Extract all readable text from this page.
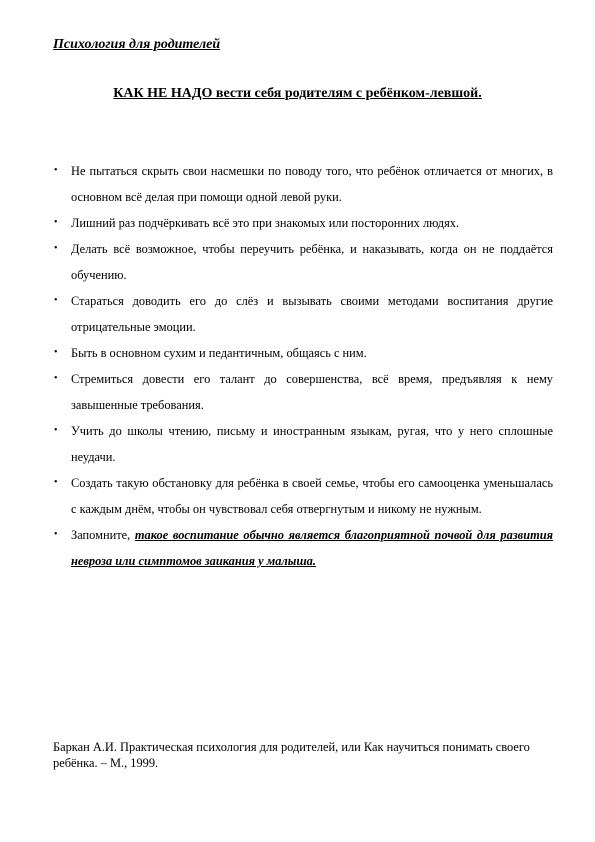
Психология для родителей
КАК НЕ НАДО вести себя родителям с ребёнком-левшой.
• Не пытаться скрыть свои насмешки по поводу того, что ребёнок отличается от многих, в основном всё делая при помощи одной левой руки.
• Лишний раз подчёркивать всё это при знакомых или посторонних людях.
• Делать всё возможное, чтобы переучить ребёнка, и наказывать, когда он не поддаётся обучению.
• Стараться доводить его до слёз и вызывать своими методами воспитания другие отрицательные эмоции.
• Быть в основном сухим и педантичным, общаясь с ним.
• Стремиться довести его талант до совершенства, всё время, предъявляя к нему завышенные требования.
• Учить до школы чтению, письму и иностранным языкам, ругая, что у него сплошные неудачи.
• Создать такую обстановку для ребёнка в своей семье, чтобы его самооценка уменьшалась с каждым днём, чтобы он чувствовал себя отвергнутым и никому не нужным.
• Запомните, такое воспитание обычно является благоприятной почвой для развития невроза или симптомов заикания у малыша.
Баркан А.И. Практическая психология для родителей, или Как научиться понимать своего ребёнка. – М., 1999.
